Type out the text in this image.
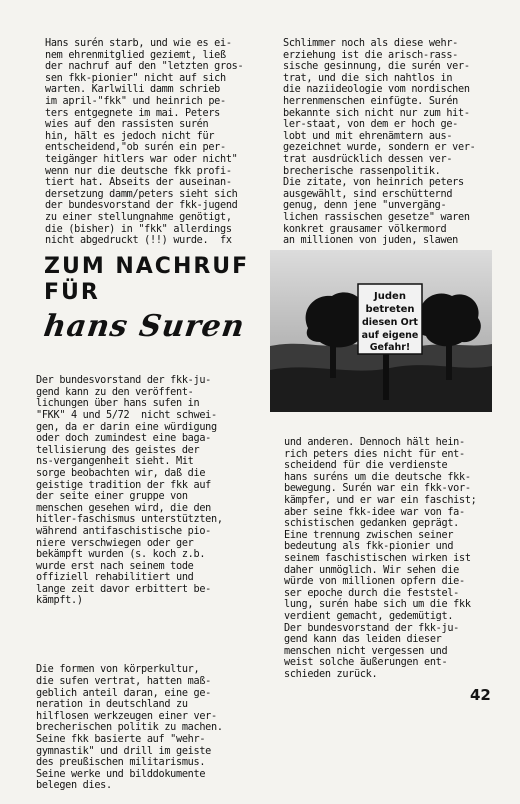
Hans surén starb, und wie es ei-
nem ehrenmitglied geziemt, ließ
der nachruf auf den "letzten gros-
sen fkk-pionier" nicht auf sich
warten. Karlwilli damm schrieb
im april-"fkk" und heinrich pe-
ters entgegnete im mai. Peters
wies auf den rassisten surén
hin, hält es jedoch nicht für
entscheidend,"ob surén ein per-
teigänger hitlers war oder nicht"
wenn nur die deutsche fkk profi-
tiert hat. Abseits der auseinan-
dersetzung damm/peters sieht sich
der bundesvorstand der fkk-jugend
zu einer stellungnahme genötigt,
die (bisher) in "fkk" allerdings
nicht abgedruckt (!!) wurde.  fx
Schlimmer noch als diese wehr-
erziehung ist die arisch-rass-
sische gesinnung, die surén ver-
trat, und die sich nahtlos in
die naziideologie vom nordischen
herrenmenschen einfügte. Surén
bekannte sich nicht nur zum hit-
ler-staat, von dem er hoch ge-
lobt und mit ehrenämtern aus-
gezeichnet wurde, sondern er ver-
trat ausdrücklich dessen ver-
brecherische rassenpolitik.
Die zitate, von heinrich peters
ausgewählt, sind erschütternd
genug, denn jene "unvergäng-
lichen rassischen gesetze" waren
konkret grausamer völkermord
an millionen von juden, slawen
ZUM NACHRUF
FÜR
hans Suren
Juden
betreten
diesen Ort
auf eigene
Gefahr!

Der bundesvorstand der fkk-ju-
gend kann zu den veröffent-
lichungen über hans sufen in
"FKK" 4 und 5/72  nicht schwei-
gen, da er darin eine würdigung
oder doch zumindest eine baga-
tellisierung des geistes der
ns-vergangenheit sieht. Mit
sorge beobachten wir, daß die
geistige tradition der fkk auf
der seite einer gruppe von
menschen gesehen wird, die den
hitler-faschismus unterstützten,
während antifaschistische pio-
niere verschwiegen oder ger
bekämpft wurden (s. koch z.b.
wurde erst nach seinem tode
offiziell rehabilitiert und
lange zeit davor erbittert be-
kämpft.)

Die formen von körperkultur,
die sufen vertrat, hatten maß-
geblich anteil daran, eine ge-
neration in deutschland zu
hilflosen werkzeugen einer ver-
brecherischen politik zu machen.
Seine fkk basierte auf "wehr-
gymnastik" und drill im geiste
des preußischen militarismus.
Seine werke und bilddokumente
belegen dies.

und anderen. Dennoch hält hein-
rich peters dies nicht für ent-
scheidend für die verdienste
hans suréns um die deutsche fkk-
bewegung. Surén war ein fkk-vor-
kämpfer, und er war ein faschist;
aber seine fkk-idee war von fa-
schistischen gedanken geprägt.
Eine trennung zwischen seiner
bedeutung als fkk-pionier und
seinem faschistischen wirken ist
daher unmöglich. Wir sehen die
würde von millionen opfern die-
ser epoche durch die feststel-
lung, surén habe sich um die fkk
verdient gemacht, gedemütigt.
Der bundesvorstand der fkk-ju-
gend kann das leiden dieser
menschen nicht vergessen und
weist solche äußerungen ent-
schieden zurück.
42
